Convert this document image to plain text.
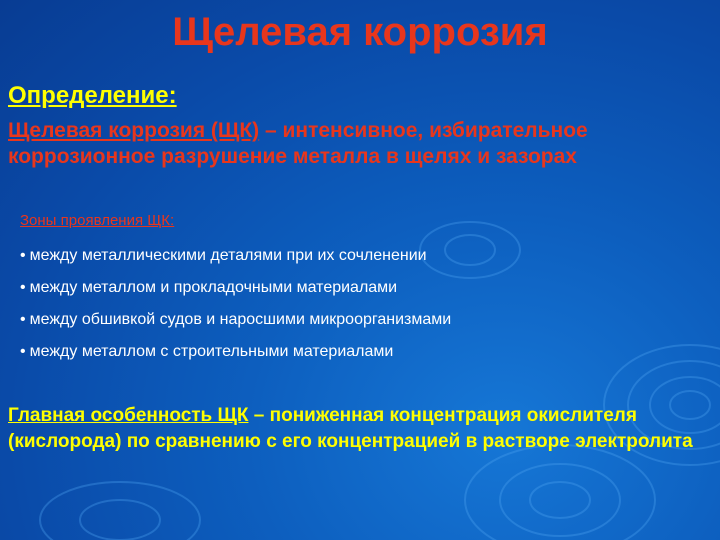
Щелевая коррозия
Определение:
Щелевая коррозия (ЩК) – интенсивное, избирательное коррозионное разрушение металла в щелях и зазорах
Зоны проявления ЩК:
• между металлическими деталями при их сочленении
• между металлом и прокладочными материалами
• между обшивкой судов и наросшими микроорганизмами
• между металлом с строительными материалами
Главная особенность ЩК – пониженная концентрация окислителя (кислорода) по сравнению с его концентрацией в растворе электролита
